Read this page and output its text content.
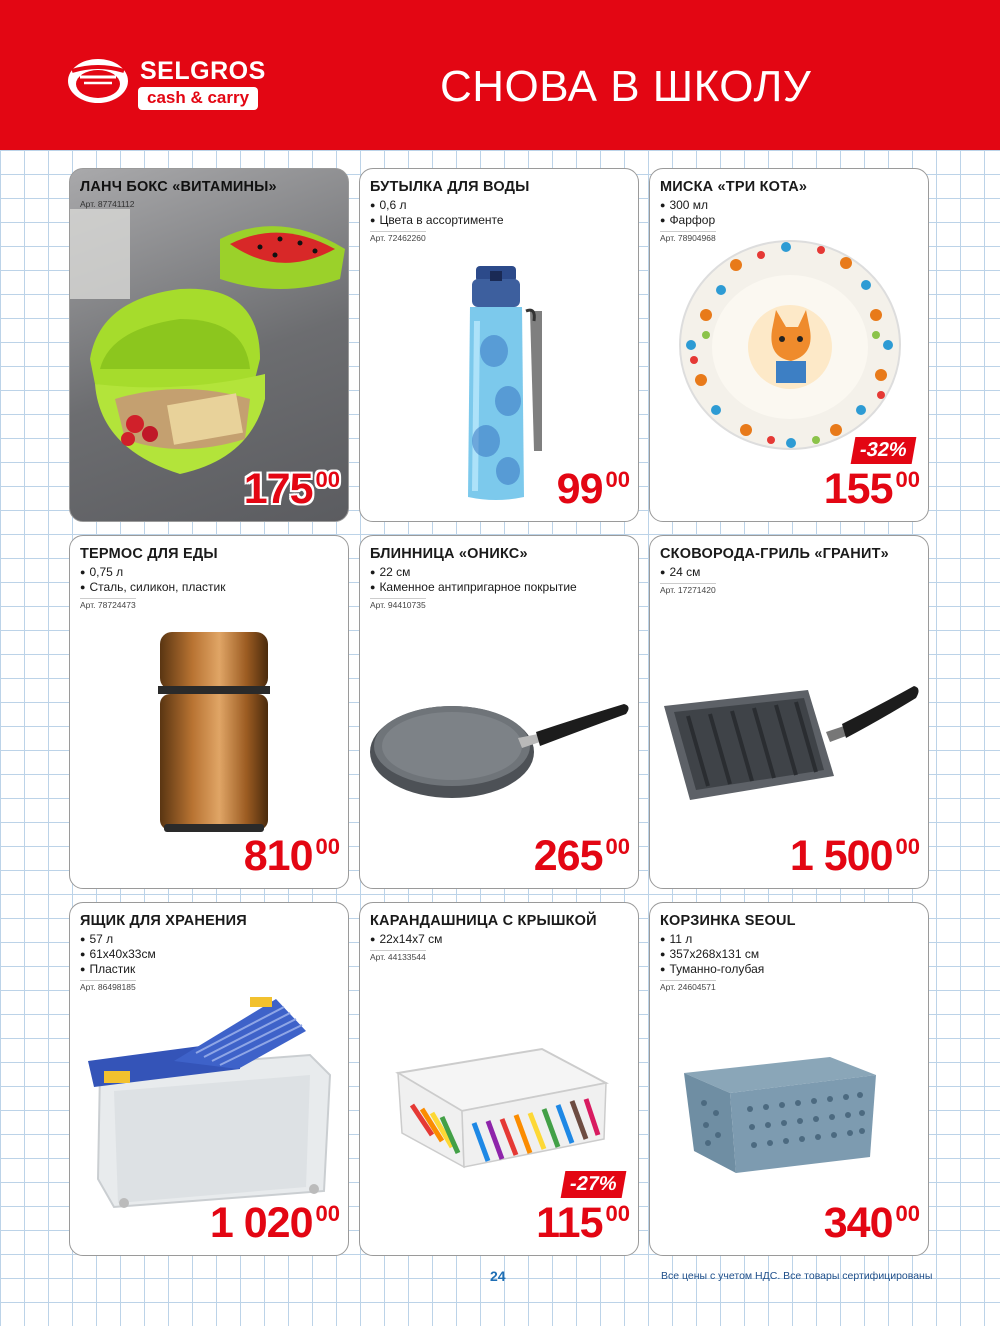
SELGROS
cash & carry	СНОВА В ШКОЛУ
ЛАНЧ БОКС «ВИТАМИНЫ»
Арт. 87741112
175 $^{00}$
БУТЫЛКА ДЛЯ ВОДЫ
● 0,6 л
● Цвета в ассортименте
Арт. 72462260
99 $^{00}$
МИСКА «ТРИ КОТА»
● 300 мл
● Фарфор
Арт. 78904968
-32%
155 $^{00}$
ТЕРМОС ДЛЯ ЕДЫ
● 0,75 л
● Сталь, силикон, пластик
Арт. 78724473
810 $^{00}$
БЛИННИЦА «ОНИКС»
● 22 см
● Каменное антипригарное покрытие
Арт. 94410735
265 $^{00}$
СКОВОРОДА-ГРИЛЬ «ГРАНИТ»
● 24 см
Арт. 17271420
1 500 $^{00}$
ЯЩИК ДЛЯ ХРАНЕНИЯ
● 57 л
● 61x40x33см
● Пластик
Арт. 86498185
1 020 $^{00}$
КАРАНДАШНИЦА С КРЫШКОЙ
● 22x14x7 см
Арт. 44133544
-27%
115 $^{00}$
КОРЗИНКА SEOUL
● 11 л
● 357x268x131 см
● Туманно-голубая
Арт. 24604571
340 $^{00}$
24	Все цены с учетом НДС. Все товары сертифицированы
